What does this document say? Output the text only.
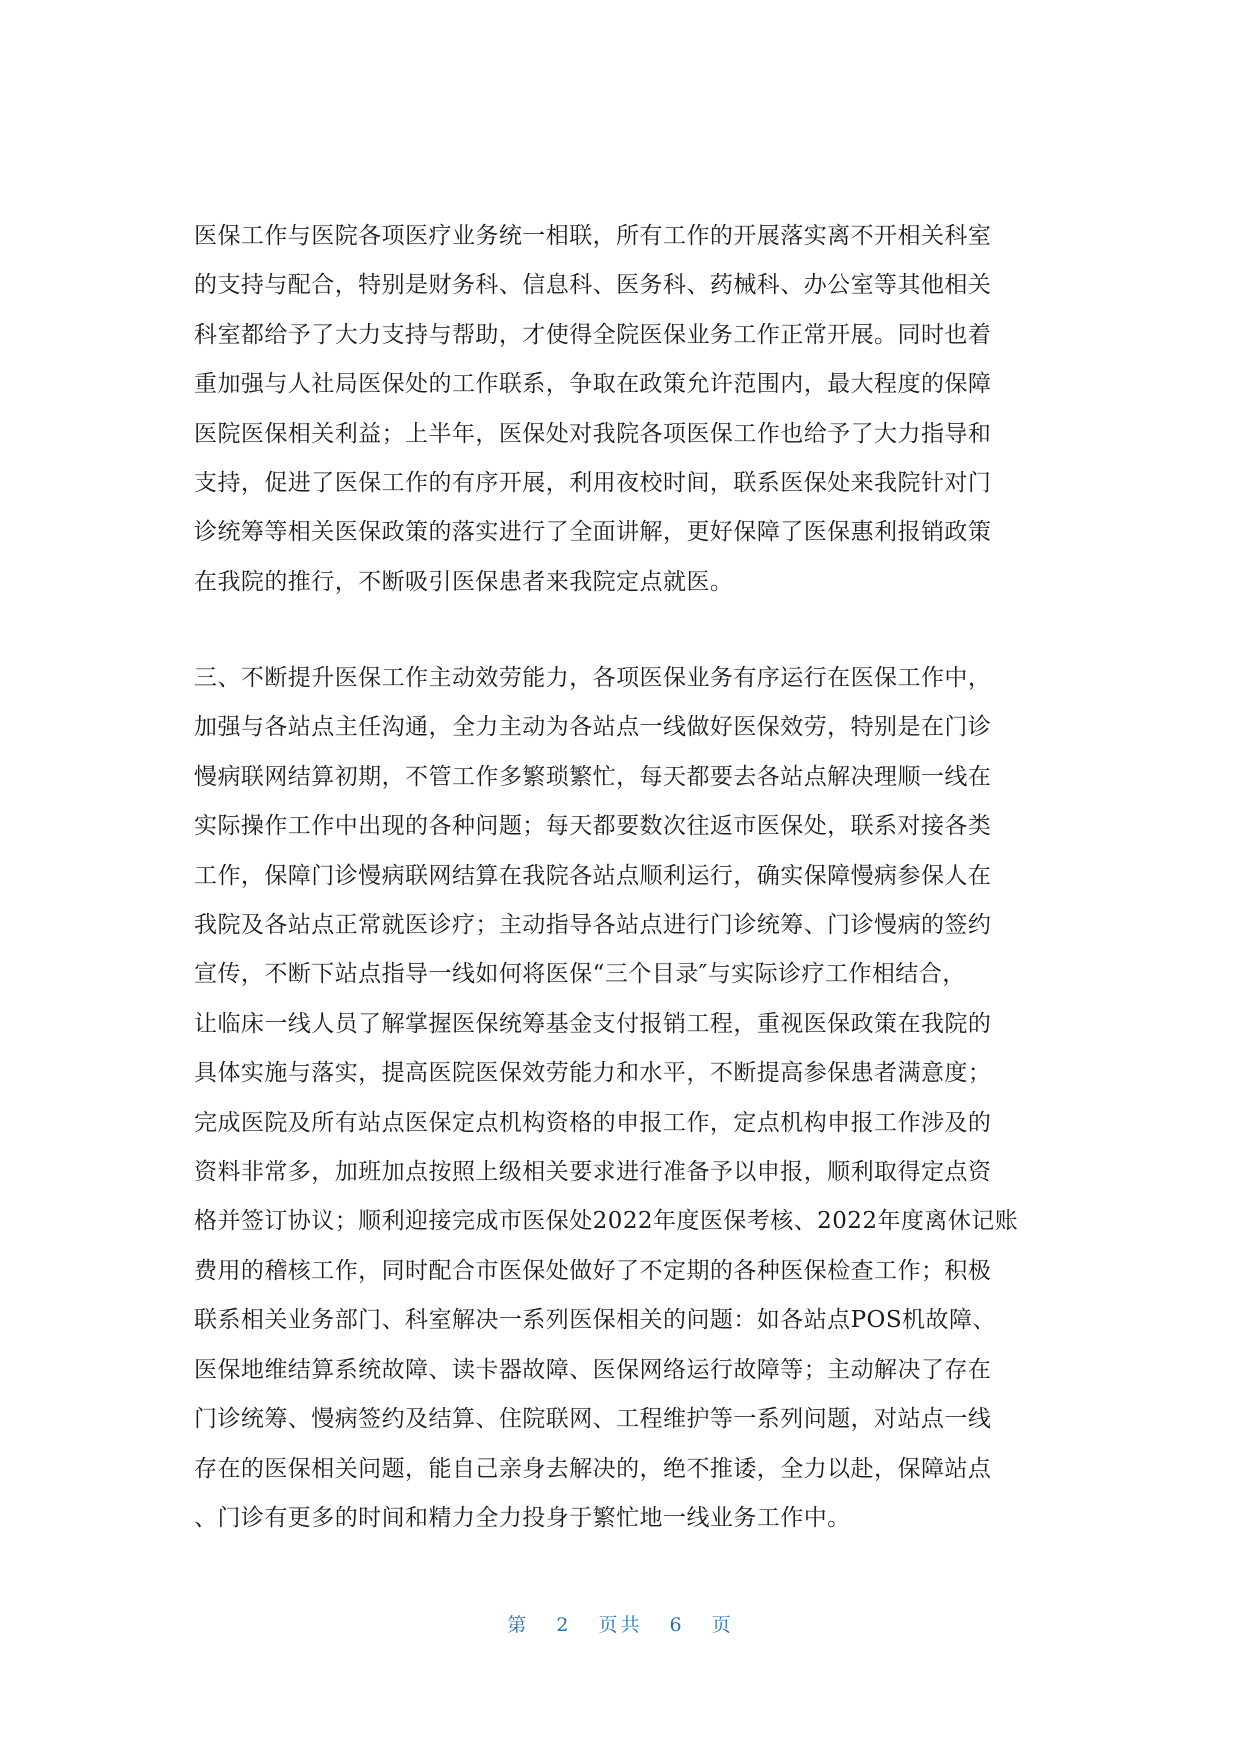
医保工作与医院各项医疗业务统一相联，所有工作的开展落实离不开相关科室
的支持与配合，特别是财务科、信息科、医务科、药械科、办公室等其他相关
科室都给予了大力支持与帮助，才使得全院医保业务工作正常开展。同时也着
重加强与人社局医保处的工作联系，争取在政策允许范围内，最大程度的保障
医院医保相关利益；上半年，医保处对我院各项医保工作也给予了大力指导和
支持，促进了医保工作的有序开展，利用夜校时间，联系医保处来我院针对门
诊统筹等相关医保政策的落实进行了全面讲解，更好保障了医保惠利报销政策
在我院的推行，不断吸引医保患者来我院定点就医。
三、不断提升医保工作主动效劳能力，各项医保业务有序运行在医保工作中，
加强与各站点主任沟通，全力主动为各站点一线做好医保效劳，特别是在门诊
慢病联网结算初期，不管工作多繁琐繁忙，每天都要去各站点解决理顺一线在
实际操作工作中出现的各种问题；每天都要数次往返市医保处，联系对接各类
工作，保障门诊慢病联网结算在我院各站点顺利运行，确实保障慢病参保人在
我院及各站点正常就医诊疗；主动指导各站点进行门诊统筹、门诊慢病的签约
宣传，不断下站点指导一线如何将医保“三个目录″与实际诊疗工作相结合，
让临床一线人员了解掌握医保统筹基金支付报销工程，重视医保政策在我院的
具体实施与落实，提高医院医保效劳能力和水平，不断提高参保患者满意度；
完成医院及所有站点医保定点机构资格的申报工作，定点机构申报工作涉及的
资料非常多，加班加点按照上级相关要求进行准备予以申报，顺利取得定点资
格并签订协议；顺利迎接完成市医保处2022年度医保考核、2022年度离休记账
费用的稽核工作，同时配合市医保处做好了不定期的各种医保检查工作；积极
联系相关业务部门、科室解决一系列医保相关的问题：如各站点POS机故障、
医保地维结算系统故障、读卡器故障、医保网络运行故障等；主动解决了存在
门诊统筹、慢病签约及结算、住院联网、工程维护等一系列问题，对站点一线
存在的医保相关问题，能自己亲身去解决的，绝不推诿，全力以赴，保障站点
、门诊有更多的时间和精力全力投身于繁忙地一线业务工作中。
第 2 页共 6 页
